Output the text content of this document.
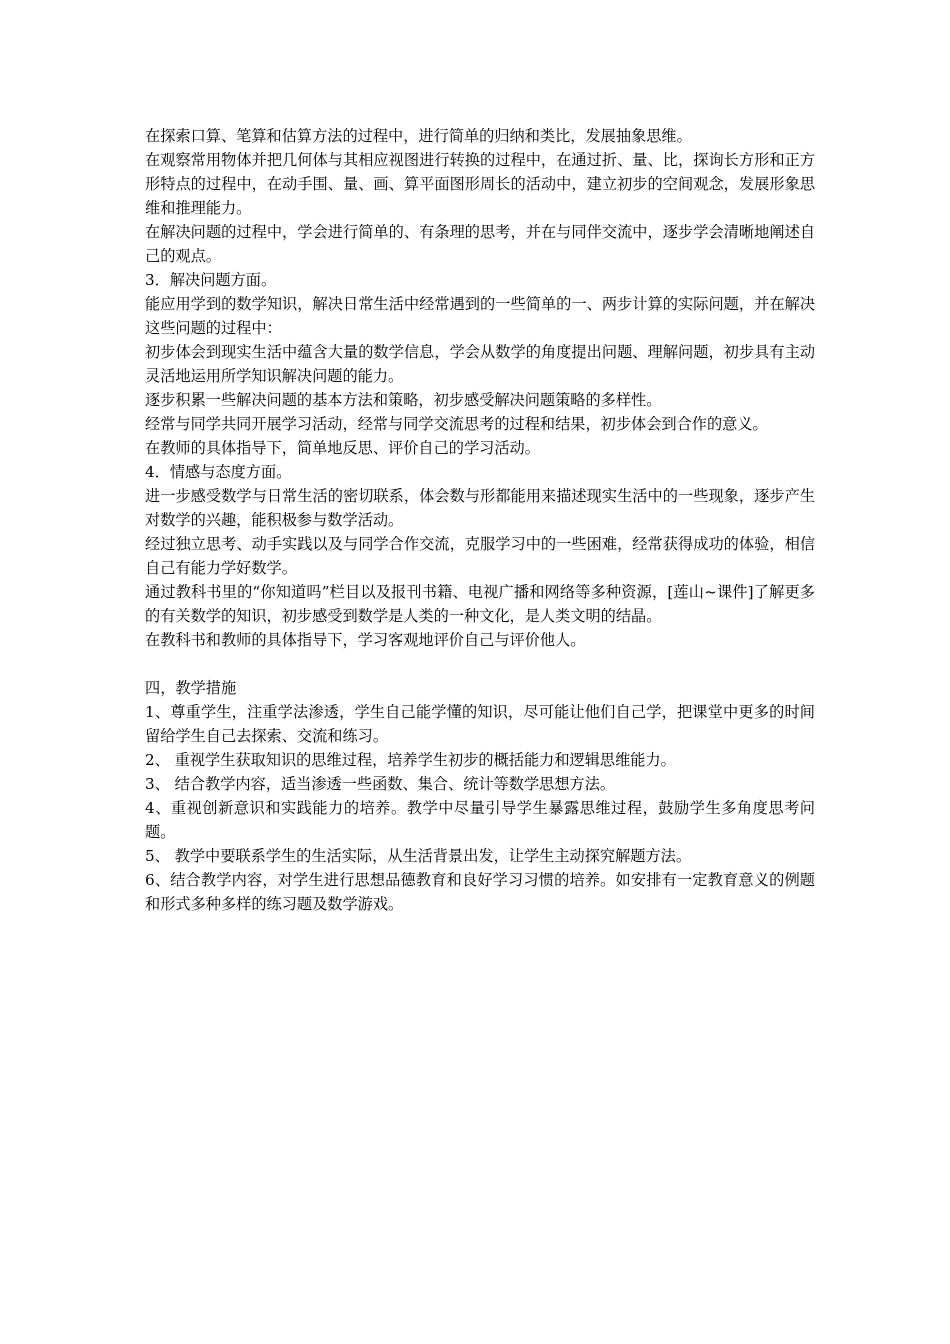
在探索口算、笔算和估算方法的过程中，进行简单的归纳和类比，发展抽象思维。

在观察常用物体并把几何体与其相应视图进行转换的过程中，在通过折、量、比，探询长方形和正方形特点的过程中，在动手围、量、画、算平面图形周长的活动中，建立初步的空间观念，发展形象思维和推理能力。

在解决问题的过程中，学会进行简单的、有条理的思考，并在与同伴交流中，逐步学会清晰地阐述自己的观点。

3．解决问题方面。

能应用学到的数学知识，解决日常生活中经常遇到的一些简单的一、两步计算的实际问题，并在解决这些问题的过程中：

初步体会到现实生活中蕴含大量的数学信息，学会从数学的角度提出问题、理解问题，初步具有主动灵活地运用所学知识解决问题的能力。

逐步积累一些解决问题的基本方法和策略，初步感受解决问题策略的多样性。

经常与同学共同开展学习活动，经常与同学交流思考的过程和结果，初步体会到合作的意义。

在教师的具体指导下，简单地反思、评价自己的学习活动。

4．情感与态度方面。

进一步感受数学与日常生活的密切联系，体会数与形都能用来描述现实生活中的一些现象，逐步产生对数学的兴趣，能积极参与数学活动。

经过独立思考、动手实践以及与同学合作交流，克服学习中的一些困难，经常获得成功的体验，相信自己有能力学好数学。

通过教科书里的“你知道吗”栏目以及报刊书籍、电视广播和网络等多种资源，[莲山~课件]了解更多的有关数学的知识，初步感受到数学是人类的一种文化，是人类文明的结晶。

在教科书和教师的具体指导下，学习客观地评价自己与评价他人。

四，教学措施

1、尊重学生，注重学法渗透，学生自己能学懂的知识，尽可能让他们自己学，把课堂中更多的时间留给学生自己去探索、交流和练习。

2、 重视学生获取知识的思维过程，培养学生初步的概括能力和逻辑思维能力。

3、 结合教学内容，适当渗透一些函数、集合、统计等数学思想方法。

4、重视创新意识和实践能力的培养。教学中尽量引导学生暴露思维过程，鼓励学生多角度思考问题。

5、 教学中要联系学生的生活实际，从生活背景出发，让学生主动探究解题方法。

6、结合教学内容，对学生进行思想品德教育和良好学习习惯的培养。如安排有一定教育意义的例题和形式多种多样的练习题及数学游戏。
